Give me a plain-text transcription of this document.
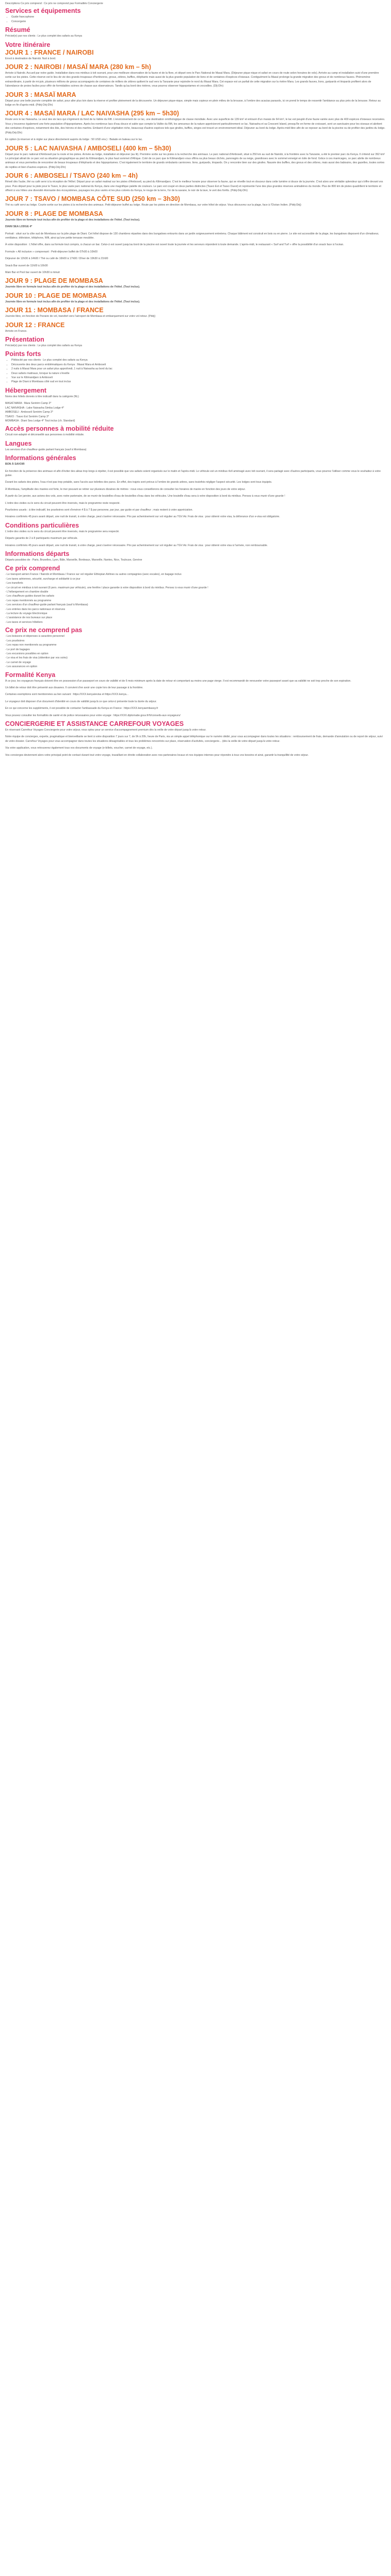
Descriptions Ce prix comprend : Ce prix ne comprend pas Formalités Conciergerie

Services et équipements
• Guide francophone
• Concergerie
Résumé

Précisé(e) par nos clients : Le plus complet des safaris au Kenya

Votre itinéraire
JOUR 1 : FRANCE / NAIROBI

Envol à destination de Nairobi. Nuit à bord.

JOUR 2 : NAIROBI / MASAÏ MARA (280 km – 5h)

Arrivée à Nairobi. Accueil par notre guide. Installation dans nos minibus à toit ouvrant, pour une meilleure observation de la faune et de la flore, et départ vers le Parc National de Masaï Mara. (Déjeuner pique-nique et safari en cours de route selon horaires de vols). Arrivée au camp et installation suivi d'une première sortie sur les pistes. Cette réserve est le lieu de vie des grands troupeaux d'herbivores, gnous, zèbres, buffles, éléphants mais aussi de la plus grande population de lions et de centaines d'espèces d'oiseaux. Contiguëment la Masaï prolonge la grande migration des gnous et de nombreux fauves. Phénomène extraordinaire, à partir de mi-juin, plusieurs millions de gnous accompagnés de centaines de milliers de zèbres quittent le sud vers la Tanzanie pour rejoindre le nord du Masaï Mara. Cet espace est un parfait de cette migration sur la rivière Mara. Les grands fauves, lions, guépards et léopards profitent alors de l'abondance de proies faciles pour offrir de formidables scènes de chasse aux observateurs. Tandis qu'au bord des rivières, vous pourrez observer hippopotames et crocodiles. (Dîj-Dîn)

JOUR 3 : MASAÏ MARA

Départ pour une belle journée complète de safari, pour aller plus loin dans la réserve et profiter pleinement de la découverte. Un déjeuner pique-nique, simple mais copieux en plein milieu de la brousse, à l'ombre des acacias parasols, ici on prend le temps de ressentir l'ambiance au plus près de la brousse. Retour au lodge en fin d'après-midi. (Pdéj-Déj-Dîn)

JOUR 4 : MASAÏ MARA / LAC NAIVASHA (295 km – 5h30)

Route vers le lac Naivasha. Le seul des six lacs qui s'égrènent du fond de la Vallée du Rift. L'environnement de ce lac, une destination ornithologique de classe mondiale. Avec une superficie de 139 km² et entouré d'un marais de 64 km², le lac est peuplé d'une faune variée avec plus de 400 espèces d'oiseaux recensées. Vous y trouverez également une forte population d'hippopotames. Après les nombreux lacs d'eau douce et salée que compte la Vallée du Rift, les amoureux de la nature apprécieront particulièrement ce lac. Naivasha et sa Crescent Island, presqu'île en forme de croissant, sont un sanctuaire pour les oiseaux et abritent des centaines d'espèces, notamment des ibis, des hérons et des martins. Embarré d'une végétation riche, beaucoup d'autres espèces tels que girafes, buffles, singes est trouvé un environnement idéal. Déjeuner au bord du lodge. Après-midi libre afin de se reposer au bord de la piscine ou de profiter des jardins du lodge. (Pdéj-Déj-Dîn)

En option (à réserver et à régler sur place directement auprès du lodge : 50 USD env.) : Balade en bateau sur le lac.

JOUR 5 : LAC NAIVASHA / AMBOSELI (400 km – 5h30)

Départ pour le parc national d'Amboseli par la route et les pistes. Arrivée au lodge, installation et déjeuner (au lit). Première sortie sur les pistes à la recherche des animaux. Le parc national d'Amboseli, situé à 250 km au sud de Nairobi, à la frontière avec la Tanzanie, a été le premier parc du Kenya. Il s'étend sur 392 km² Le principal attrait de ce parc est sa situation géographique au pied du Kilimandjaro, le plus haut sommet d'Afrique. Coté de ce parc que le Kilimandjaro vous offrira sa plus beaux clichés, panoragés de sa neige, grandioses avec le sommet enneigé en toile de fond. Grâce à ces marécages, ce parc abrite de nombreux animaux et vous permettra de rencontrer de beaux troupeaux d'éléphants et des hippopotames. C'est également le territoire de grands ombulants carnivores. lions, guépards, léopards. On y rencontre bien sur des girafes. Nausée des buffles, des gnous et des zèbres, mais aussi des babouins, des gazelles, toutes sortes de reptiles et bien d'autres espèces. (Pdéj-Déj-Dîn)

JOUR 6 : AMBOSELI / TSAVO (240 km – 4h)

Réveil dès l'aube, thé ou café servi à la réception de l'Hôtel. Départ pour un safari matinal sur les pistes d'Amboseli, au pied du Kilimandjaro. C'est le meilleur horaire pour observer la faune, qui se réveille tout en douceur dans cette lumière si douce de la journée. C'est alors une véritable splendeur qui s'offre devant vos yeux. Puis départ pour la piste pour le Tsavo, le plus vaste parc national du Kenya, dans une magnifique palette de couleurs. Le parc est coupé en deux parties distinctes (Tsavo Est et Tsavo Ouest) et représente l'une des plus grandes réserves animalières du monde. Plus de 800 km de pistes quadrillent le territoire et offrent à vos hôtes une diversité étonnante des écosystèmes, paysages les plus variés et les plus colorés du Kenya, le rouge de la terre, l'or de la savane, le noir de la lave, le vert des forêts. (Pdéj-Déj-Dîn)

JOUR 7 : TSAVO / MOMBASA CÔTE SUD (250 km – 3h30)

Thé ou café servi au lodge. Courte sortie sur les pistes à la recherche des animaux. Petit-déjeuner buffet au lodge. Route par les pistes en direction de Mombasa, sur votre hôtel de séjour. Vous découvrez sur la plage, face à l'Océan Indien. (Pdéj-Déj)

JOUR 8 : PLAGE DE MOMBASA

Journée libre en formule tout inclus afin de profiter de la plage et des installations de l'hôtel. (Tout inclus).

DIANI SEA LODGE 4*

Portrait : situé sur la côte sud de Mombasa sur la jolie plage de Diani. Cet hôtel dispose de 130 chambres réparties dans des bungalows entourés dans un jardin soigneusement entretenu. Chaque bâtiment est construit en bois ou en pierre. Le site est accessible de la plage, les bungalows disposent d'un climatiseur, ventilateur, télévision, téléphone, Wifi, ainsi qu'une petite terrasse meublée.

À votre disposition : L'hôtel offre, dans sa formule tout compris, à chacun un bar. Celui-ci est ouvert jusqu'au bord de la piscine est ouvert toute la journée et les serveurs répondent à toute demande. L'après-midi, le restaurant « Surf and Turf » offre la possibilité d'un snack face à l'océan.

Formule « All inclusive » comprenant : Petit-déjeuner buffet de 07h00 à 10h00

Déjeuner de 12h30 à 14h00 / Thé ou café de 16h00 à 17h00 / Dîner de 19h30 à 21h00

Snack Bar ouvert de 11h00 à 16h00

Main Bar et Pool bar ouvert de 10h30 à minuit

JOUR 9 : PLAGE DE MOMBASA

Journée libre en formule tout inclus afin de profiter de la plage et des installations de l'hôtel. (Tout inclus).

JOUR 10 : PLAGE DE MOMBASA

Journée libre en formule tout inclus afin de profiter de la plage et des installations de l'hôtel. (Tout inclus).

JOUR 11 : MOMBASA / FRANCE

Journée libre, en fonction de l'horaire de vol, transfert vers l'aéroport de Mombasa et embarquement sur votre vol retour. (Pdéj)

JOUR 12 : FRANCE

Arrivée en France.

Présentation

Précisé(e) par nos clients : Le plus complet des safaris au Kenya

Points forts
• Plébiscité par nos clients : Le plus complet des safaris au Kenya
• Découverte des deux parcs emblématiques du Kenya : Masaï Mara et Amboseli
• 2 nuits à Masaï Mara pour un safari plus approfondi, 1 nuit à Naivasha au bord du lac
• Deux safaris matinaux, lorsque la nature s'éveille
• Vue sur le Kilimandjaro à Amboseli
• Plage de Diani à Mombasa côté sud en tout inclus
Hébergement

Noms des hôtels donnés à titre indicatif dans la catégorie (NL)

MASAÏ MARA : Mara Sentrim Camp 3*
LAC NAIVASHA : Lake Naivasha Simba Lodge 4*
AMBOSELI : Amboseli Sentrim Camp 3*
TSAVO : Tsavo Est Sentrim Camp 3*
MOMBASA : Diani Sea Lodge 4* Tout inclus (ch. Standard)
Accès personnes à mobilité réduite

Circuit non-adapté et déconseillé aux personnes à mobilité réduite.

Langues

Les services d'un chauffeur-guide parlant français (sauf à Mombasa)

Informations générales

BON À SAVOIR

En fonction de la présence des animaux et afin d'éviter des aléas trop longs à répéter, il est possible que vos safaris soient organisés sur le matin et l'après-midi. Le véhicule est un minibus 4x4 aménagé avec toit ouvrant, il sera partagé avec d'autres participants, vous pourrez l'utiliser comme vous le souhaitez à votre guise.

Durant les safaris des pistes, l'eau n'est pas trop potable, sans l'accès aux toilettes des parcs. En effet, des trajets sont prévus à l'ombre de grands arbres, sans toutefois négliger l'aspect sécurité. Les lodges sont tous équipés.

À Mombasa, l'amplitude des marées est forte, le mer pouvant se retirer sur plusieurs dizaines de mètres : nous vous conseillerons de consulter les horaires de marée en fonction des jours de votre séjour.

À partir du 1er janvier, aux avions des vols, avec notre partenaire, de se munir de bouteilles d'eau de bouteilles d'eau dans les véhicules. Une bouteille d'eau sera à votre disposition à bord du minibus. Pensez à vous munir d'une gourde !

L'ordre des visites ou le sens du circuit peuvent être inversés, mais le programme reste respecté.

Pourboires usuels : à titre indicatif, les pourboires sont d'environ 4 $ à 7 $ par personne, par jour, par guide et par chauffeur ; mais restent à votre appréciation.

Horaires confirmés 45 jours avant départ, une nuit de transit, à votre charge, peut s'avérer nécessaire. Prix par acheminement sur vol régulier au TGV Air. Frais de visa : pour obtenir votre visa, la délivrance d'un e-visa est obligatoire.

Conditions particulières

L'ordre des visites ou le sens du circuit peuvent être inversés, mais le programme sera respecté.

Départs garantis de 2 à 8 participants maximum par véhicule.

Horaires confirmés 45 jours avant départ, une nuit de transit, à votre charge, peut s'avérer nécessaire. Prix par acheminement sur vol régulier au TGV Air. Frais de visa : pour obtenir votre visa à l'arrivée, non remboursable.

Informations départs

Départs possibles de : Paris, Bruxelles, Lyon, Bâle, Marseille, Bordeaux, Marseille, Nantes, Nice, Toulouse, Genève

Ce prix comprend
- Le transport aérien France / Nairobi et Mombasa / France sur vol régulier Ethiopian Airlines ou autres compagnies (avec escales), en bagage inclus
- Les taxes aériennes, sécurité, surcharge et solidarité à ce jour
- Les transferts
- Le circuit en minibus à toit ouvrant (6 pers. maximum par véhicule), une fenêtre / place garantie à votre disposition à bord du minibus. Pensez à vous munir d'une gourde !
- L'hébergement en chambre double
- Les chauffeurs-guides durant les safaris
- Les repas mentionnés au programme
- Les services d'un chauffeur-guide parlant français (sauf à Mombasa)
- Les entrées dans les parcs nationaux et réserves
- La lecture du voyage Electronique
- L'assistance de nos bureaux sur place
- Les taxes et services hôteliers
Ce prix ne comprend pas
- Les boissons et dépenses à caractère personnel
- Les pourboires
- Les repas non mentionnés au programme
- Le port de bagages
- Les excursions possibles en option
- Le visa et les frais de visa (obtention par vos soins)
- Le carnet de voyage
- Les assurances en option
Formalité Kenya

À ce jour, les voyageurs français doivent être en possession d'un passeport en cours de validité et de 6 mois minimum après la date de retour et comportant au moins une page vierge. Il est recommandé de renouveler votre passeport avant que sa validité ne soit trop proche de son expiration.

Un billet de retour doit être présenté aux douanes. Il convient d'en avoir une copie lors de leur passage à la frontière.

Certaines exemptions sont mentionnées au lien suivant : https://XXX.kenya/evisa et https://XXX.kenya...

Le voyageur doit disposer d'un document d'identité en cours de validité jusqu'à ce que celui-ci présente toute la durée du séjour.

En ce qui concerne les suppléments, il est possible de contacter l'ambassade du Kenya en France : https://XXX.kenyaembassy.fr

Vous pouvez consulter les formalités de santé et de police nécessaires pour votre voyage : https://XXX.diplomatie.gouv.fr/fr/conseils-aux-voyageurs/

CONCIERGERIE ET ASSISTANCE CARREFOUR VOYAGES

En réservant Carrefour Voyages Conciergerie pour votre séjour, vous optez pour un service d'accompagnement premium dès la veille de votre départ jusqu'à votre retour.

Notre équipe de concierges, experte, pragmatique et bienveillante se tient à votre disposition 7 jours sur 7, de 9h à 20h, heure de Paris, via un simple appel téléphonique sur le numéro dédié, pour vous accompagner dans toutes les situations : remboursement de frais, demande d'annulation ou de report de séjour, suivi de votre dossier. Carrefour Voyages pour vous accompagner dans toutes les situations désagréables et tous les problèmes rencontrés sur place, réservation d'activités, conciergerie... (dès la veille de votre départ jusqu'à votre retour.

Via votre application, vous retrouverez également tous vos documents de voyage (e-billets, voucher, carnet de voyage, etc.).

Vos concierges deviennent alors votre principal point de contact durant tout votre voyage, travaillant en étroite collaboration avec nos partenaires locaux et nos équipes internes pour répondre à tous vos besoins et ainsi, garantir la tranquillité de votre séjour.
